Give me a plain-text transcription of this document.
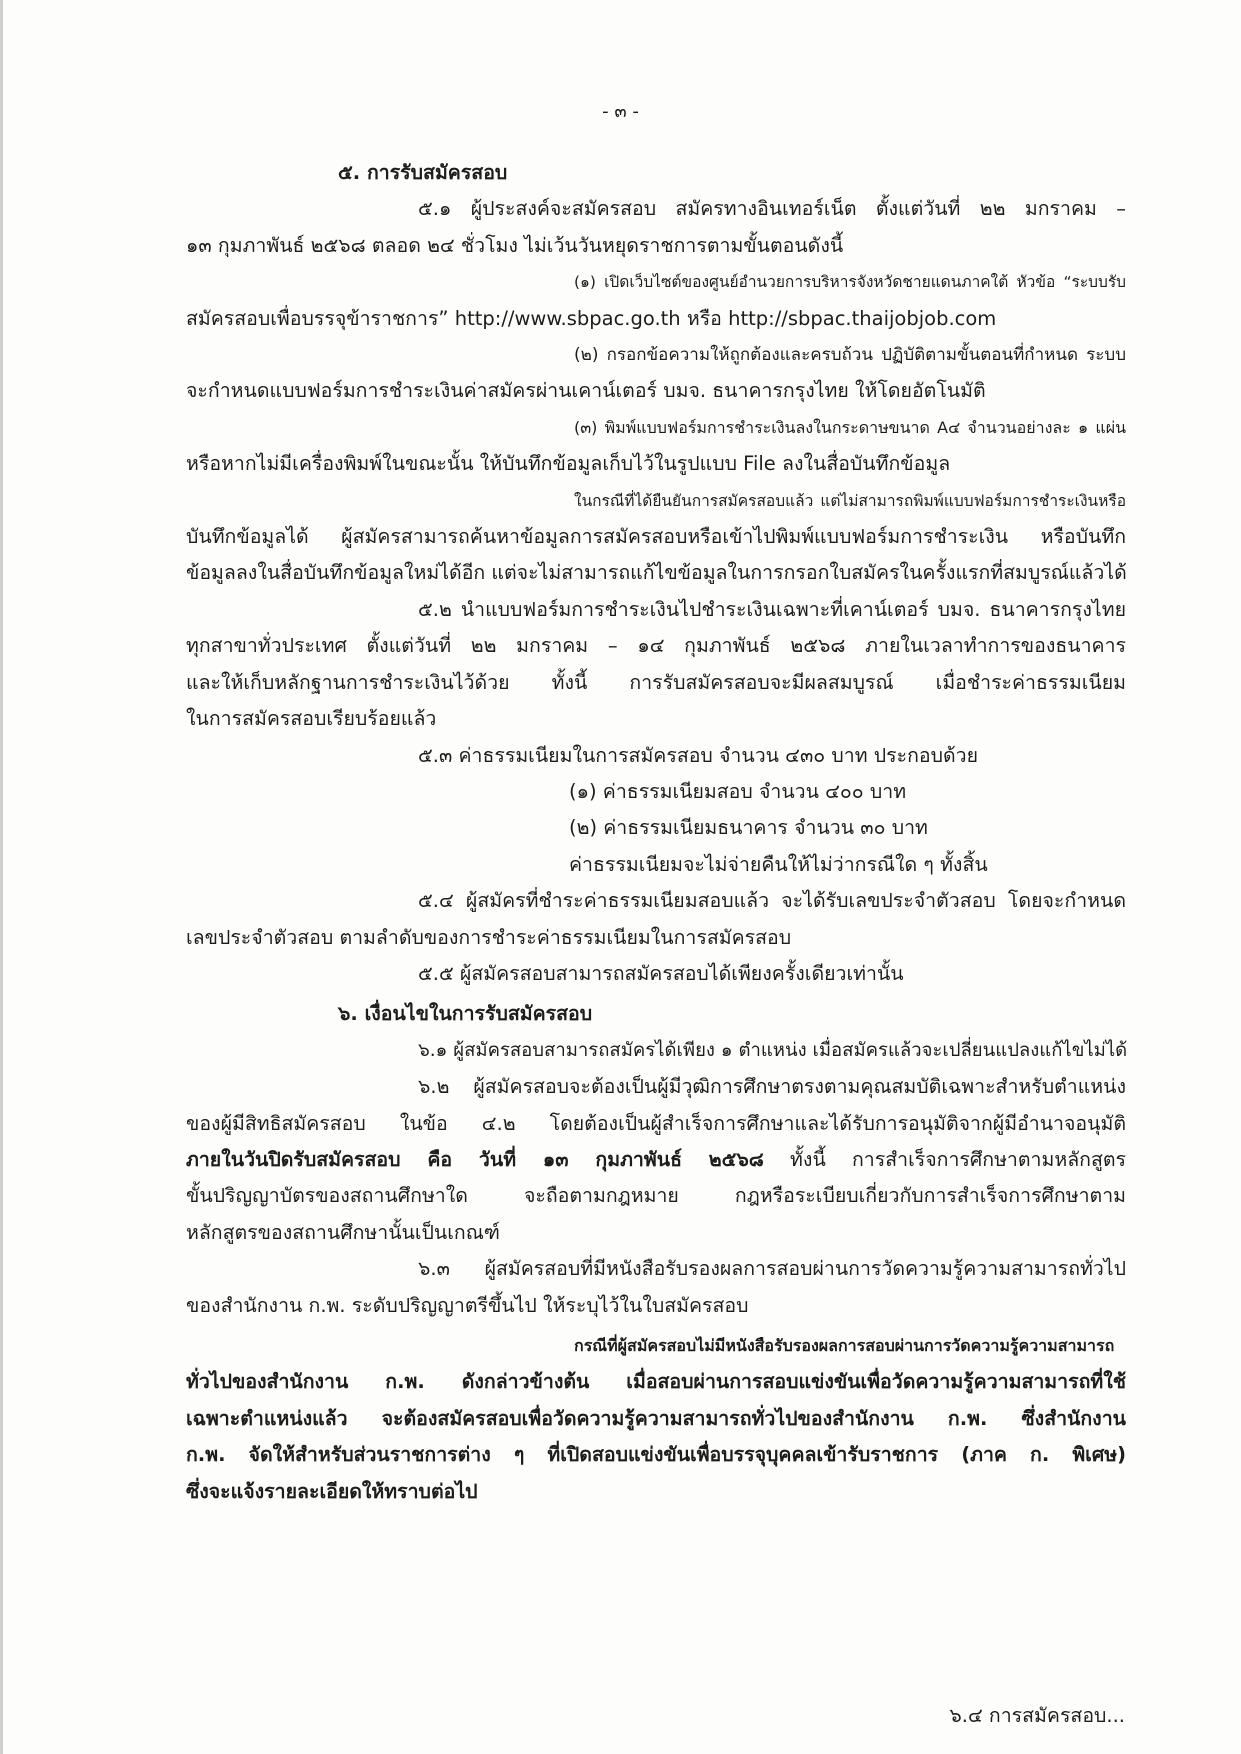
- ๓ -

๕. การรับสมัครสอบ

๕.๑ ผู้ประสงค์จะสมัครสอบ สมัครทางอินเทอร์เน็ต ตั้งแต่วันที่ ๒๒ มกราคม –

๑๓ กุมภาพันธ์ ๒๕๖๘ ตลอด ๒๔ ชั่วโมง ไม่เว้นวันหยุดราชการตามขั้นตอนดังนี้

(๑) เปิดเว็บไซต์ของศูนย์อำนวยการบริหารจังหวัดชายแดนภาคใต้ หัวข้อ “ระบบรับ

สมัครสอบเพื่อบรรจุข้าราชการ” http://www.sbpac.go.th หรือ http://sbpac.thaijobjob.com

(๒) กรอกข้อความให้ถูกต้องและครบถ้วน ปฏิบัติตามขั้นตอนที่กำหนด ระบบ

จะกำหนดแบบฟอร์มการชำระเงินค่าสมัครผ่านเคาน์เตอร์ บมจ. ธนาคารกรุงไทย ให้โดยอัตโนมัติ

(๓) พิมพ์แบบฟอร์มการชำระเงินลงในกระดาษขนาด A๔ จำนวนอย่างละ ๑ แผ่น

หรือหากไม่มีเครื่องพิมพ์ในขณะนั้น ให้บันทึกข้อมูลเก็บไว้ในรูปแบบ File ลงในสื่อบันทึกข้อมูล

ในกรณีที่ได้ยืนยันการสมัครสอบแล้ว แต่ไม่สามารถพิมพ์แบบฟอร์มการชำระเงินหรือ

บันทึกข้อมูลได้ ผู้สมัครสามารถค้นหาข้อมูลการสมัครสอบหรือเข้าไปพิมพ์แบบฟอร์มการชำระเงิน หรือบันทึก

ข้อมูลลงในสื่อบันทึกข้อมูลใหม่ได้อีก แต่จะไม่สามารถแก้ไขข้อมูลในการกรอกใบสมัครในครั้งแรกที่สมบูรณ์แล้วได้

๕.๒ นำแบบฟอร์มการชำระเงินไปชำระเงินเฉพาะที่เคาน์เตอร์ บมจ. ธนาคารกรุงไทย

ทุกสาขาทั่วประเทศ ตั้งแต่วันที่ ๒๒ มกราคม – ๑๔ กุมภาพันธ์ ๒๕๖๘ ภายในเวลาทำการของธนาคาร

และให้เก็บหลักฐานการชำระเงินไว้ด้วย ทั้งนี้ การรับสมัครสอบจะมีผลสมบูรณ์ เมื่อชำระค่าธรรมเนียม

ในการสมัครสอบเรียบร้อยแล้ว

๕.๓ ค่าธรรมเนียมในการสมัครสอบ จำนวน ๔๓๐ บาท ประกอบด้วย

(๑) ค่าธรรมเนียมสอบ จำนวน ๔๐๐ บาท

(๒) ค่าธรรมเนียมธนาคาร จำนวน ๓๐ บาท

ค่าธรรมเนียมจะไม่จ่ายคืนให้ไม่ว่ากรณีใด ๆ ทั้งสิ้น

๕.๔ ผู้สมัครที่ชำระค่าธรรมเนียมสอบแล้ว จะได้รับเลขประจำตัวสอบ โดยจะกำหนด

เลขประจำตัวสอบ ตามลำดับของการชำระค่าธรรมเนียมในการสมัครสอบ

๕.๕ ผู้สมัครสอบสามารถสมัครสอบได้เพียงครั้งเดียวเท่านั้น

๖. เงื่อนไขในการรับสมัครสอบ

๖.๑ ผู้สมัครสอบสามารถสมัครได้เพียง ๑ ตำแหน่ง เมื่อสมัครแล้วจะเปลี่ยนแปลงแก้ไขไม่ได้

๖.๒ ผู้สมัครสอบจะต้องเป็นผู้มีวุฒิการศึกษาตรงตามคุณสมบัติเฉพาะสำหรับตำแหน่ง

ของผู้มีสิทธิสมัครสอบ ในข้อ ๔.๒ โดยต้องเป็นผู้สำเร็จการศึกษาและได้รับการอนุมัติจากผู้มีอำนาจอนุมัติ

ภายในวันปิดรับสมัครสอบ คือ วันที่ ๑๓ กุมภาพันธ์ ๒๕๖๘ ทั้งนี้ การสำเร็จการศึกษาตามหลักสูตร

ขั้นปริญญาบัตรของสถานศึกษาใด จะถือตามกฎหมาย กฎหรือระเบียบเกี่ยวกับการสำเร็จการศึกษาตาม

หลักสูตรของสถานศึกษานั้นเป็นเกณฑ์

๖.๓ ผู้สมัครสอบที่มีหนังสือรับรองผลการสอบผ่านการวัดความรู้ความสามารถทั่วไป

ของสำนักงาน ก.พ. ระดับปริญญาตรีขึ้นไป ให้ระบุไว้ในใบสมัครสอบ

กรณีที่ผู้สมัครสอบไม่มีหนังสือรับรองผลการสอบผ่านการวัดความรู้ความสามารถ

ทั่วไปของสำนักงาน ก.พ. ดังกล่าวข้างต้น เมื่อสอบผ่านการสอบแข่งขันเพื่อวัดความรู้ความสามารถที่ใช้

เฉพาะตำแหน่งแล้ว จะต้องสมัครสอบเพื่อวัดความรู้ความสามารถทั่วไปของสำนักงาน ก.พ. ซึ่งสำนักงาน

ก.พ. จัดให้สำหรับส่วนราชการต่าง ๆ ที่เปิดสอบแข่งขันเพื่อบรรจุบุคคลเข้ารับราชการ (ภาค ก. พิเศษ)

ซึ่งจะแจ้งรายละเอียดให้ทราบต่อไป

๖.๔ การสมัครสอบ...
